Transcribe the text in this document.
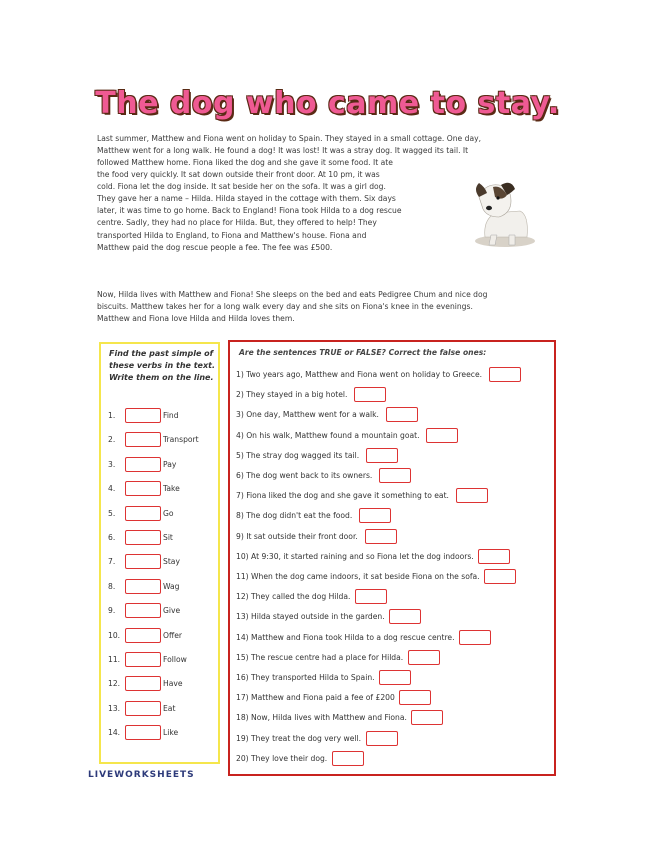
The dog who came to stay.

Last summer, Matthew and Fiona went on holiday to Spain. They stayed in a small cottage. One day,

Matthew went for a long walk. He found a dog! It was lost! It was a stray dog. It wagged its tail. It

followed Matthew home. Fiona liked the dog and she gave it some food. It ate

the food very quickly. It sat down outside their front door. At 10 pm, it was

cold. Fiona let the dog inside. It sat beside her on the sofa. It was a girl dog.

They gave her a name – Hilda. Hilda stayed in the cottage with them. Six days

later, it was time to go home. Back to England! Fiona took Hilda to a dog rescue

centre. Sadly, they had no place for Hilda. But, they offered to help! They

transported Hilda to England, to Fiona and Matthew's house. Fiona and

Matthew paid the dog rescue people a fee. The fee was £500.

Now, Hilda lives with Matthew and Fiona! She sleeps on the bed and eats Pedigree Chum and nice dog

biscuits. Matthew takes her for a long walk every day and she sits on Fiona's knee in the evenings.

Matthew and Fiona love Hilda and Hilda loves them.

Find the past simple of these verbs in the text. Write them on the line.

1.	Find
2.	Transport
3.	Pay
4.	Take
5.	Go
6.	Sit
7.	Stay
8.	Wag
9.	Give
10.	Offer
11.	Follow
12.	Have
13.	Eat
14.	Like
Are the sentences TRUE or FALSE? Correct the false ones:
1) Two years ago, Matthew and Fiona went on holiday to Greece.
2) They stayed in a big hotel.
3) One day, Matthew went for a walk.
4) On his walk, Matthew found a mountain goat.
5) The stray dog wagged its tail.
6) The dog went back to its owners.
7) Fiona liked the dog and she gave it something to eat.
8) The dog didn't eat the food.
9) It sat outside their front door.
10) At 9:30, it started raining and so Fiona let the dog indoors.
11) When the dog came indoors, it sat beside Fiona on the sofa.
12) They called the dog Hilda.
13) Hilda stayed outside in the garden.
14) Matthew and Fiona took Hilda to a dog rescue centre.
15) The rescue centre had a place for Hilda.
16) They transported Hilda to Spain.
17) Matthew and Fiona paid a fee of £200
18) Now, Hilda lives with Matthew and Fiona.
19) They treat the dog very well.
20) They love their dog.
LIVEWORKSHEETS
